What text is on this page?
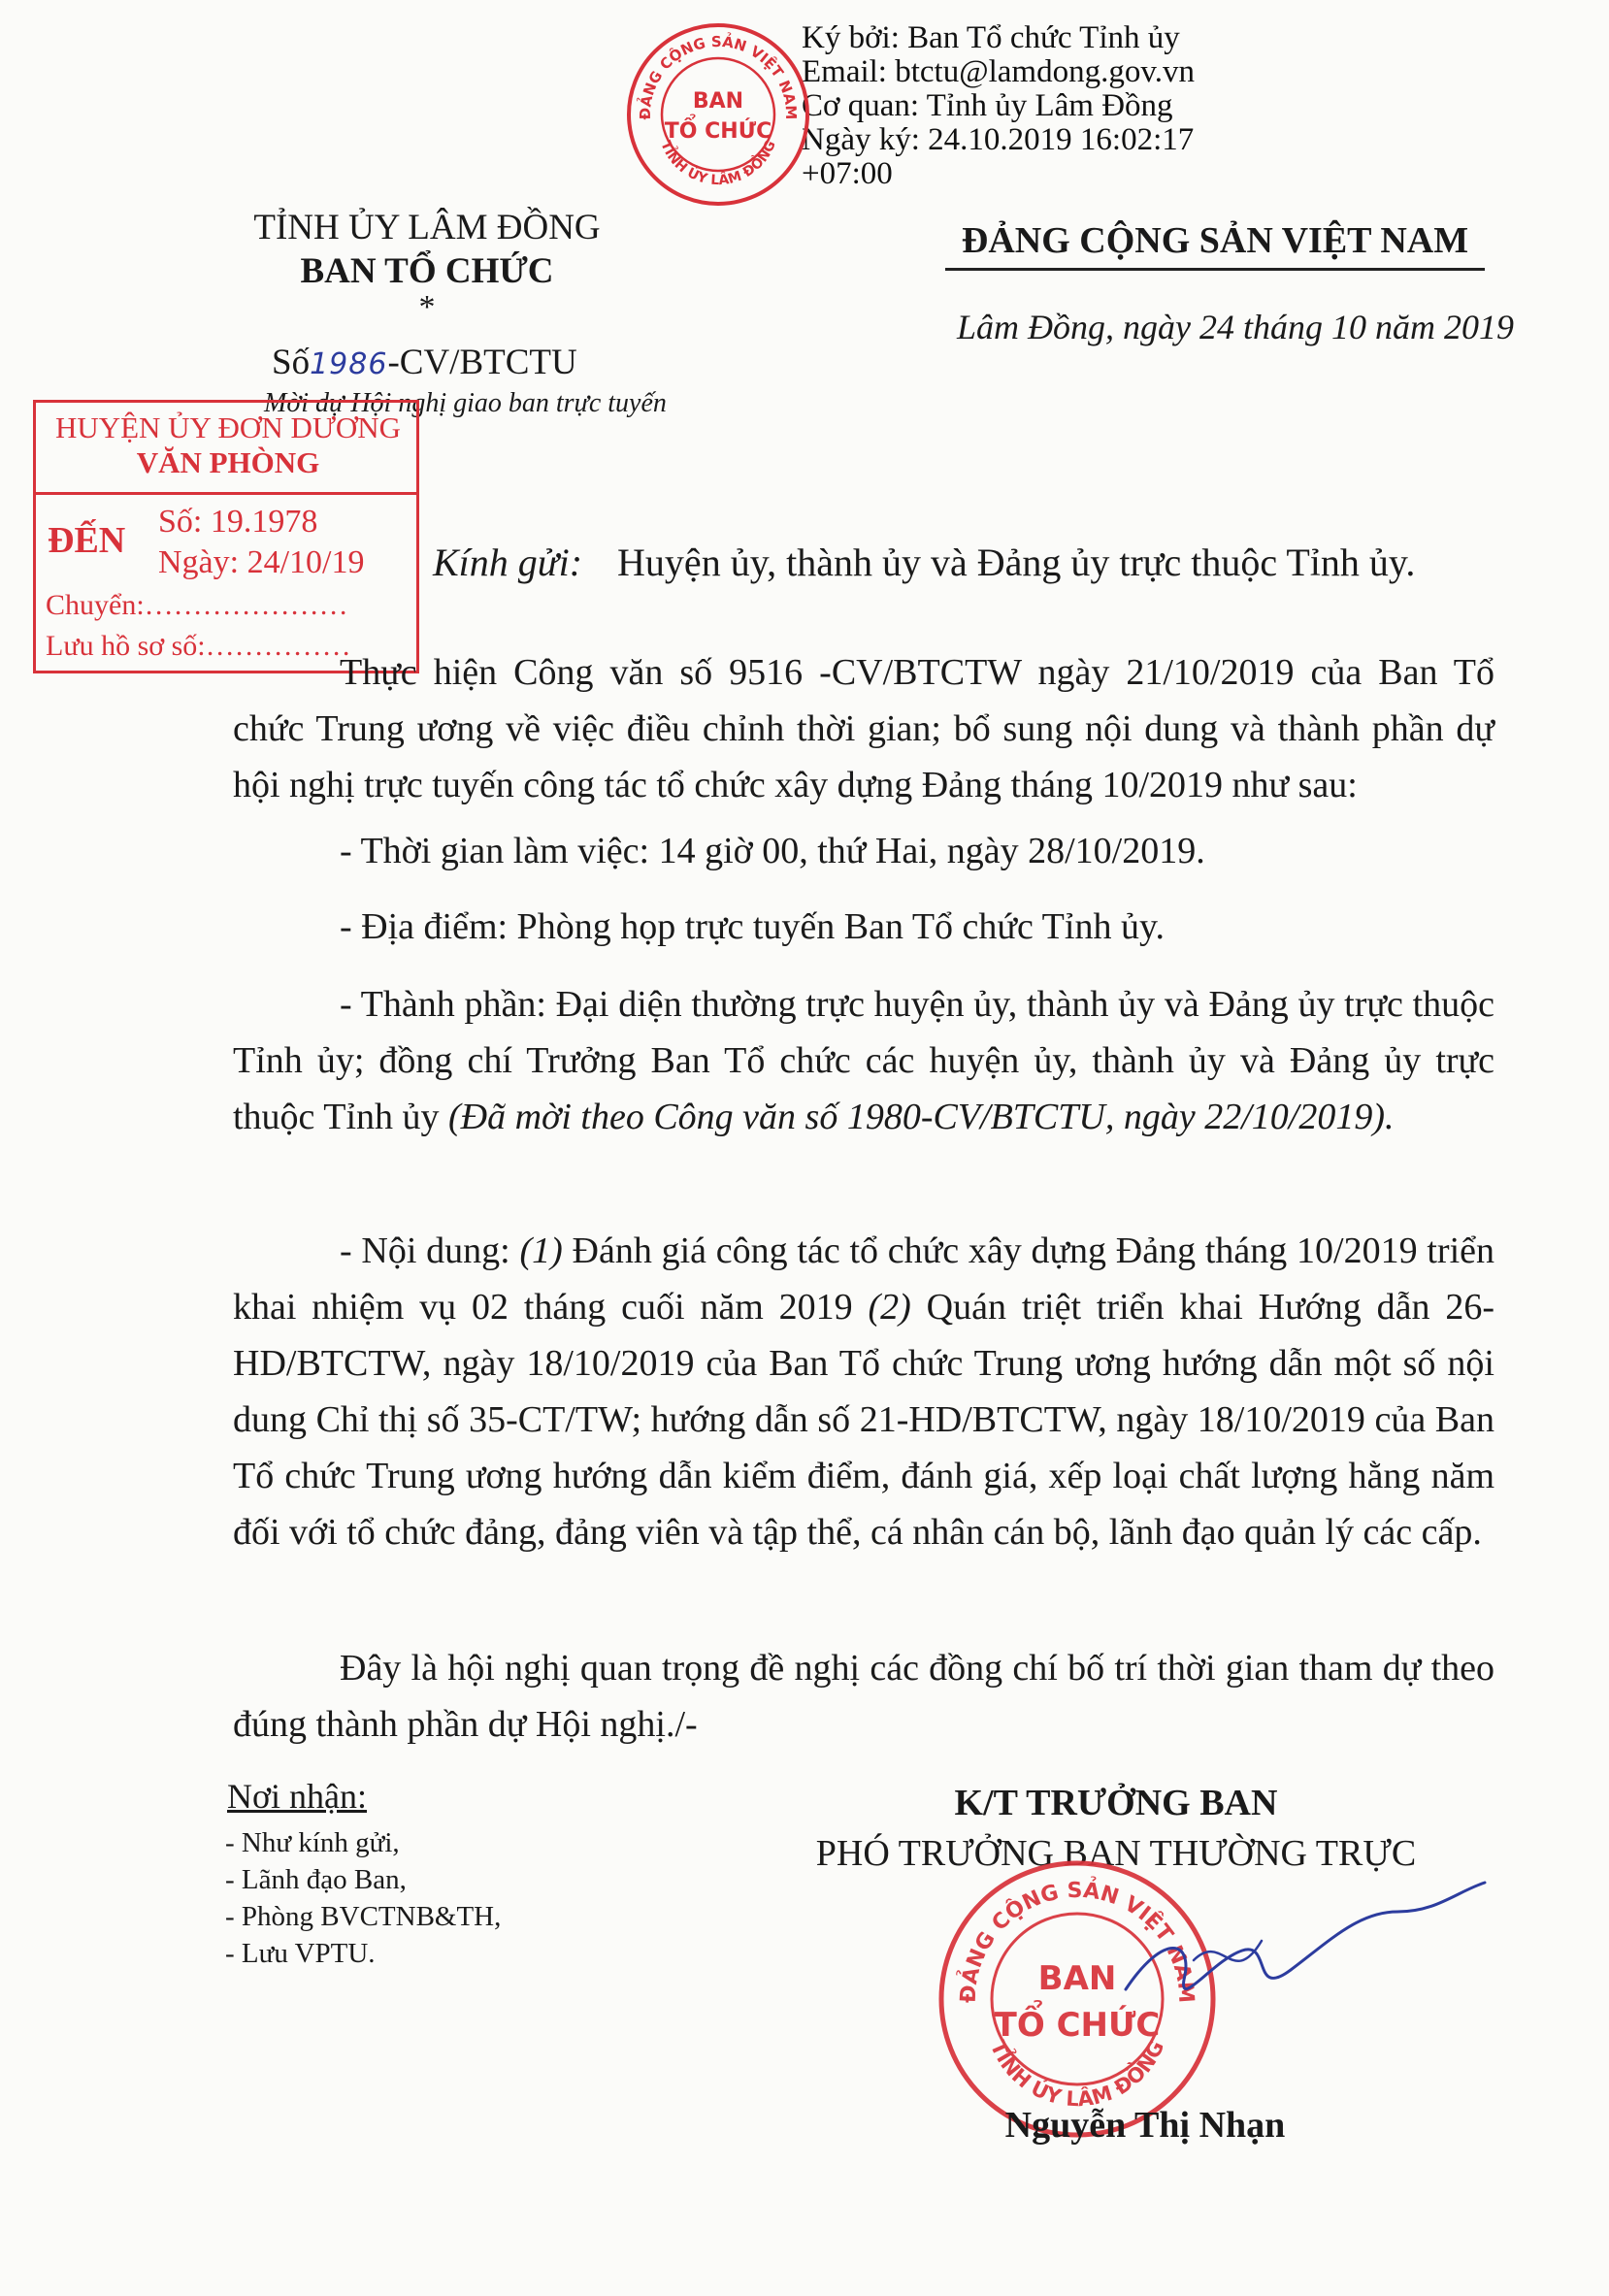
Ký bởi: Ban Tổ chức Tỉnh ủy
Email: btctu@lamdong.gov.vn
Cơ quan: Tỉnh ủy Lâm Đồng
Ngày ký: 24.10.2019 16:02:17
+07:00
ĐẢNG CỘNG SẢN VIỆT NAM
TỈNH ỦY LÂM ĐỒNG
BAN
TỔ CHỨC
TỈNH ỦY LÂM ĐỒNG
BAN TỔ CHỨC
*
Số1986-CV/BTCTU
Mời dự Hội nghị giao ban trực tuyến
ĐẢNG CỘNG SẢN VIỆT NAM
Lâm Đồng, ngày 24 tháng 10 năm 2019
HUYỆN ỦY ĐƠN DƯƠNG
VĂN PHÒNG
ĐẾN Số: 19.1978
Ngày: 24/10/19
Chuyển:…………………
Lưu hồ sơ số:……………
Kính gửi: Huyện ủy, thành ủy và Đảng ủy trực thuộc Tỉnh ủy.
Thực hiện Công văn số 9516 -CV/BTCTW ngày 21/10/2019 của Ban Tổ chức Trung ương về việc điều chỉnh thời gian; bổ sung nội dung và thành phần dự hội nghị trực tuyến công tác tổ chức xây dựng Đảng tháng 10/2019 như sau:
- Thời gian làm việc: 14 giờ 00, thứ Hai, ngày 28/10/2019.
- Địa điểm: Phòng họp trực tuyến Ban Tổ chức Tỉnh ủy.
- Thành phần: Đại diện thường trực huyện ủy, thành ủy và Đảng ủy trực thuộc Tỉnh ủy; đồng chí Trưởng Ban Tổ chức các huyện ủy, thành ủy và Đảng ủy trực thuộc Tỉnh ủy (Đã mời theo Công văn số 1980-CV/BTCTU, ngày 22/10/2019).
- Nội dung: (1) Đánh giá công tác tổ chức xây dựng Đảng tháng 10/2019 triển khai nhiệm vụ 02 tháng cuối năm 2019 (2) Quán triệt triển khai Hướng dẫn 26-HD/BTCTW, ngày 18/10/2019 của Ban Tổ chức Trung ương hướng dẫn một số nội dung Chỉ thị số 35-CT/TW; hướng dẫn số 21-HD/BTCTW, ngày 18/10/2019 của Ban Tổ chức Trung ương hướng dẫn kiểm điểm, đánh giá, xếp loại chất lượng hằng năm đối với tổ chức đảng, đảng viên và tập thể, cá nhân cán bộ, lãnh đạo quản lý các cấp.
Đây là hội nghị quan trọng đề nghị các đồng chí bố trí thời gian tham dự theo đúng thành phần dự Hội nghị./-
Nơi nhận:
- Như kính gửi,
- Lãnh đạo Ban,
- Phòng BVCTNB&TH,
- Lưu VPTU.
K/T TRƯỞNG BAN
PHÓ TRƯỞNG BAN THƯỜNG TRỰC
ĐẢNG CỘNG SẢN VIỆT NAM
TỈNH ỦY LÂM ĐỒNG
BAN
TỔ CHỨC
Nguyễn Thị Nhạn
